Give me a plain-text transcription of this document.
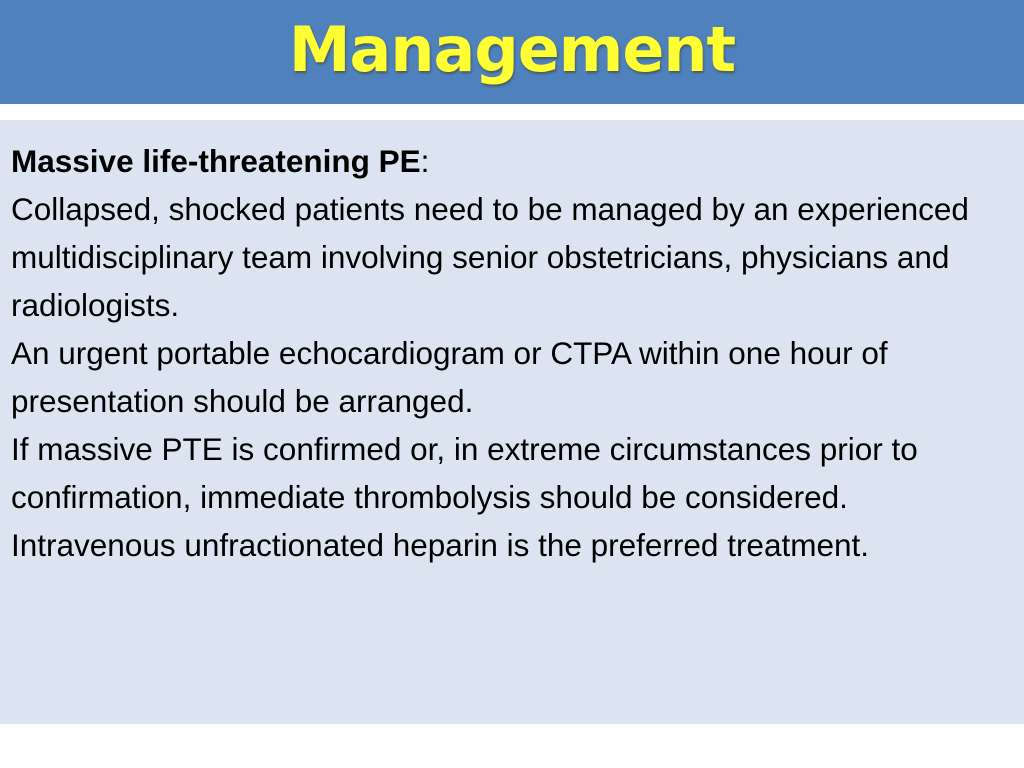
Management
Massive life-threatening PE:

Collapsed, shocked patients need to be managed by an experienced multidisciplinary team involving senior obstetricians, physicians and radiologists.

An urgent portable echocardiogram or CTPA within one hour of presentation should be arranged.

If massive PTE is confirmed or, in extreme circumstances prior to confirmation, immediate thrombolysis should be considered.

Intravenous unfractionated heparin is the preferred treatment.
